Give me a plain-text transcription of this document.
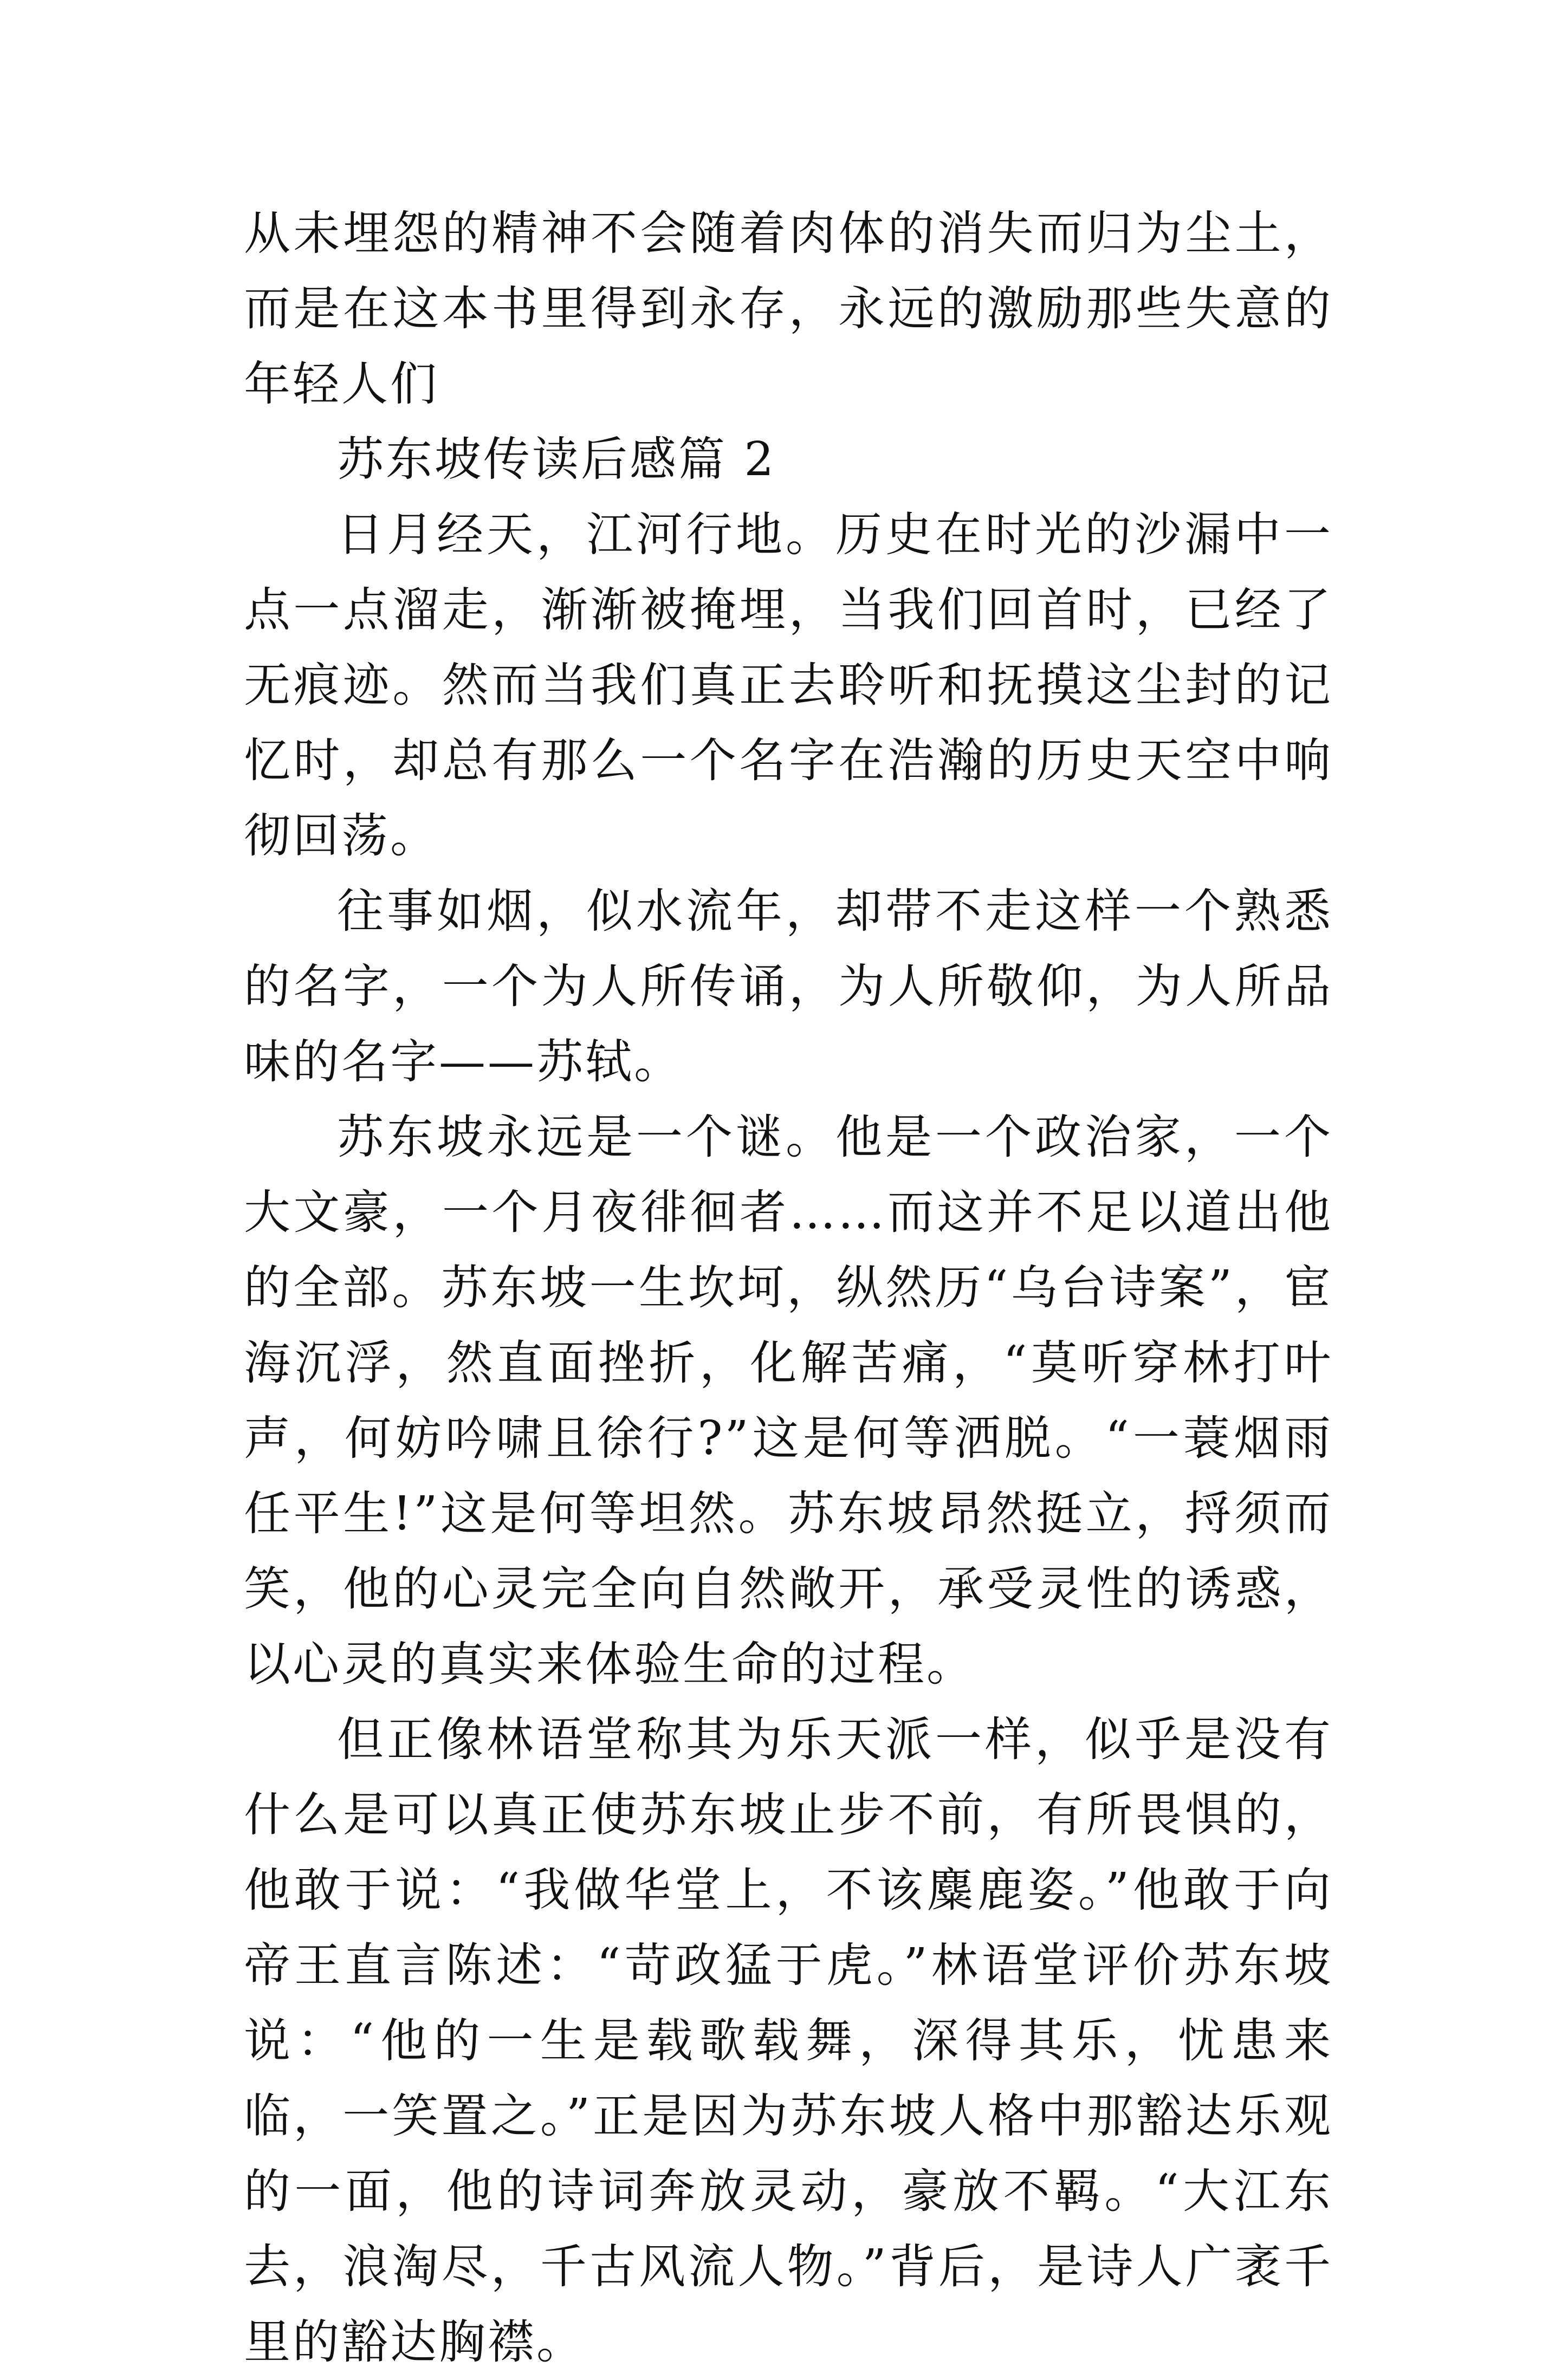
从未埋怨的精神不会随着肉体的消失而归为尘土，而是在这本书里得到永存，永远的激励那些失意的年轻人们

苏东坡传读后感篇 2

日月经天，江河行地。历史在时光的沙漏中一点一点溜走，渐渐被掩埋，当我们回首时，已经了无痕迹。然而当我们真正去聆听和抚摸这尘封的记忆时，却总有那么一个名字在浩瀚的历史天空中响彻回荡。

往事如烟，似水流年，却带不走这样一个熟悉的名字，一个为人所传诵，为人所敬仰，为人所品味的名字——苏轼。

苏东坡永远是一个谜。他是一个政治家，一个大文豪，一个月夜徘徊者……而这并不足以道出他的全部。苏东坡一生坎坷，纵然历“乌台诗案”，宦海沉浮，然直面挫折，化解苦痛，“莫听穿林打叶声，何妨吟啸且徐行?”这是何等洒脱。“一蓑烟雨任平生!”这是何等坦然。苏东坡昂然挺立，捋须而笑，他的心灵完全向自然敞开，承受灵性的诱惑，以心灵的真实来体验生命的过程。

但正像林语堂称其为乐天派一样，似乎是没有什么是可以真正使苏东坡止步不前，有所畏惧的，他敢于说：“我做华堂上，不该麋鹿姿。”他敢于向帝王直言陈述：“苛政猛于虎。”林语堂评价苏东坡说：“他的一生是载歌载舞，深得其乐，忧患来临，一笑置之。”正是因为苏东坡人格中那豁达乐观的一面，他的诗词奔放灵动，豪放不羁。“大江东去，浪淘尽，千古风流人物。”背后，是诗人广袤千里的豁达胸襟。
